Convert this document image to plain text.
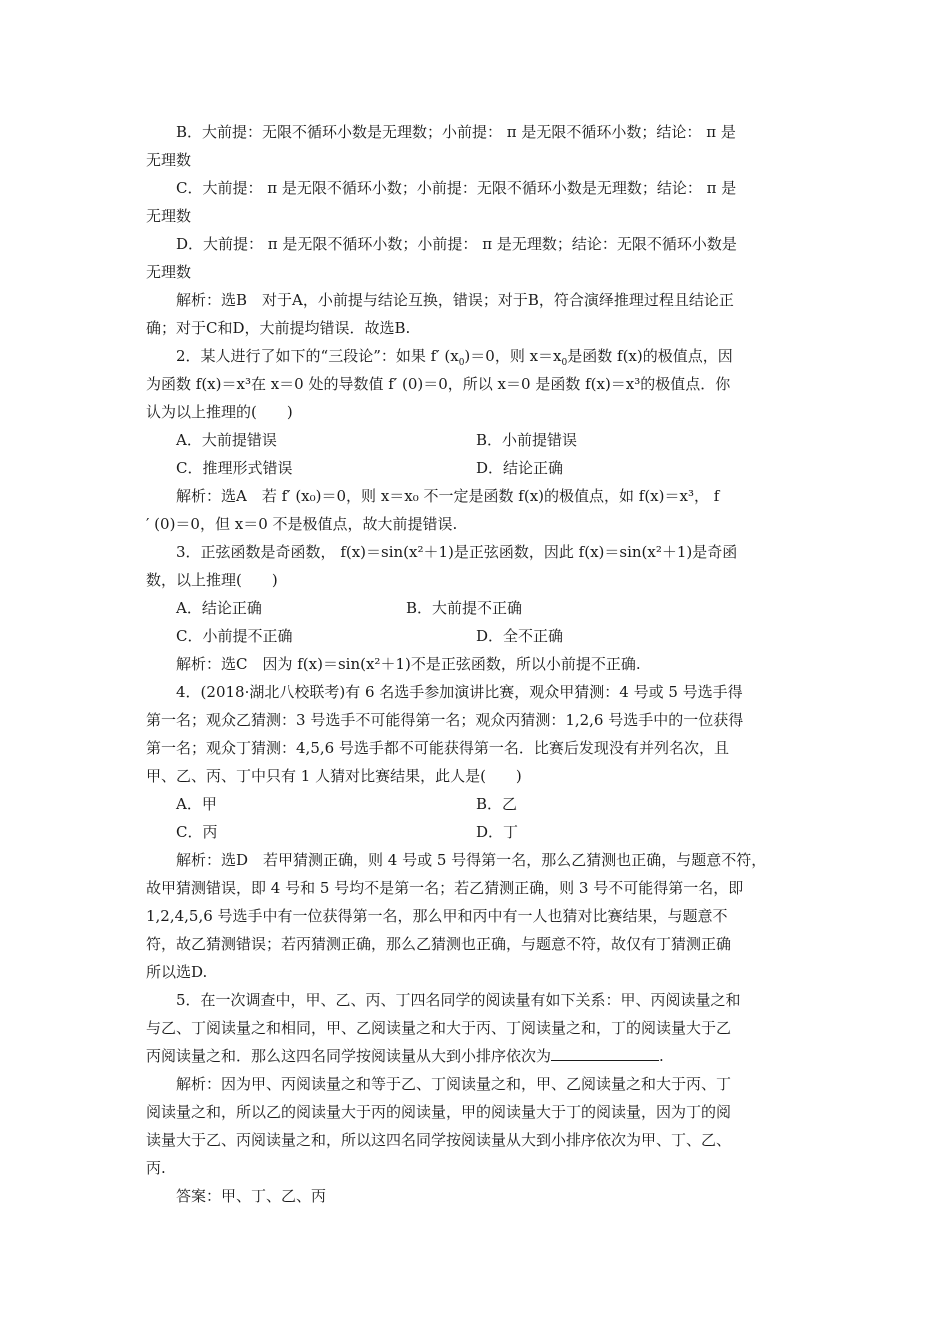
B．大前提：无限不循环小数是无理数；小前提： π 是无限不循环小数；结论： π 是

无理数

C．大前提： π 是无限不循环小数；小前提：无限不循环小数是无理数；结论： π 是

无理数

D．大前提： π 是无限不循环小数；小前提： π 是无理数；结论：无限不循环小数是

无理数

解析：选B　对于A，小前提与结论互换，错误；对于B，符合演绎推理过程且结论正

确；对于C和D，大前提均错误．故选B.

2．某人进行了如下的“三段论”：如果 f′ $(x_0)=0$，则 $x=x_0$是函数 f(x)的极值点，因

为函数 f(x)＝x³在 x＝0 处的导数值 f′ (0)＝0，所以 x＝0 是函数 f(x)＝x³的极值点．你

认为以上推理的(　　)

A．大前提错误	B．小前提错误
C．推理形式错误	D．结论正确

解析：选A　若 f′ (x₀)＝0，则 x＝x₀ 不一定是函数 f(x)的极值点，如 f(x)＝x³， f

′ (0)＝0，但 x＝0 不是极值点，故大前提错误.

3．正弦函数是奇函数， f(x)＝sin(x²＋1)是正弦函数，因此 f(x)＝sin(x²＋1)是奇函

数，以上推理(　　)

A．结论正确	B．大前提不正确
C．小前提不正确	D．全不正确

解析：选C　因为 f(x)＝sin(x²＋1)不是正弦函数，所以小前提不正确.

4．(2018·湖北八校联考)有 6 名选手参加演讲比赛，观众甲猜测：4 号或 5 号选手得

第一名；观众乙猜测：3 号选手不可能得第一名；观众丙猜测：1,2,6 号选手中的一位获得

第一名；观众丁猜测：4,5,6 号选手都不可能获得第一名．比赛后发现没有并列名次，且

甲、乙、丙、丁中只有 1 人猜对比赛结果，此人是(　　)

A．甲	B．乙
C．丙	D．丁

解析：选D　若甲猜测正确，则 4 号或 5 号得第一名，那么乙猜测也正确，与题意不符，

故甲猜测错误，即 4 号和 5 号均不是第一名；若乙猜测正确，则 3 号不可能得第一名，即

1,2,4,5,6 号选手中有一位获得第一名，那么甲和丙中有一人也猜对比赛结果，与题意不

符，故乙猜测错误；若丙猜测正确，那么乙猜测也正确，与题意不符，故仅有丁猜测正确

所以选D.

5．在一次调查中，甲、乙、丙、丁四名同学的阅读量有如下关系：甲、丙阅读量之和

与乙、丁阅读量之和相同，甲、乙阅读量之和大于丙、丁阅读量之和，丁的阅读量大于乙

丙阅读量之和．那么这四名同学按阅读量从大到小排序依次为	.

解析：因为甲、丙阅读量之和等于乙、丁阅读量之和，甲、乙阅读量之和大于丙、丁

阅读量之和，所以乙的阅读量大于丙的阅读量，甲的阅读量大于丁的阅读量，因为丁的阅

读量大于乙、丙阅读量之和，所以这四名同学按阅读量从大到小排序依次为甲、丁、乙、

丙.

答案：甲、丁、乙、丙
